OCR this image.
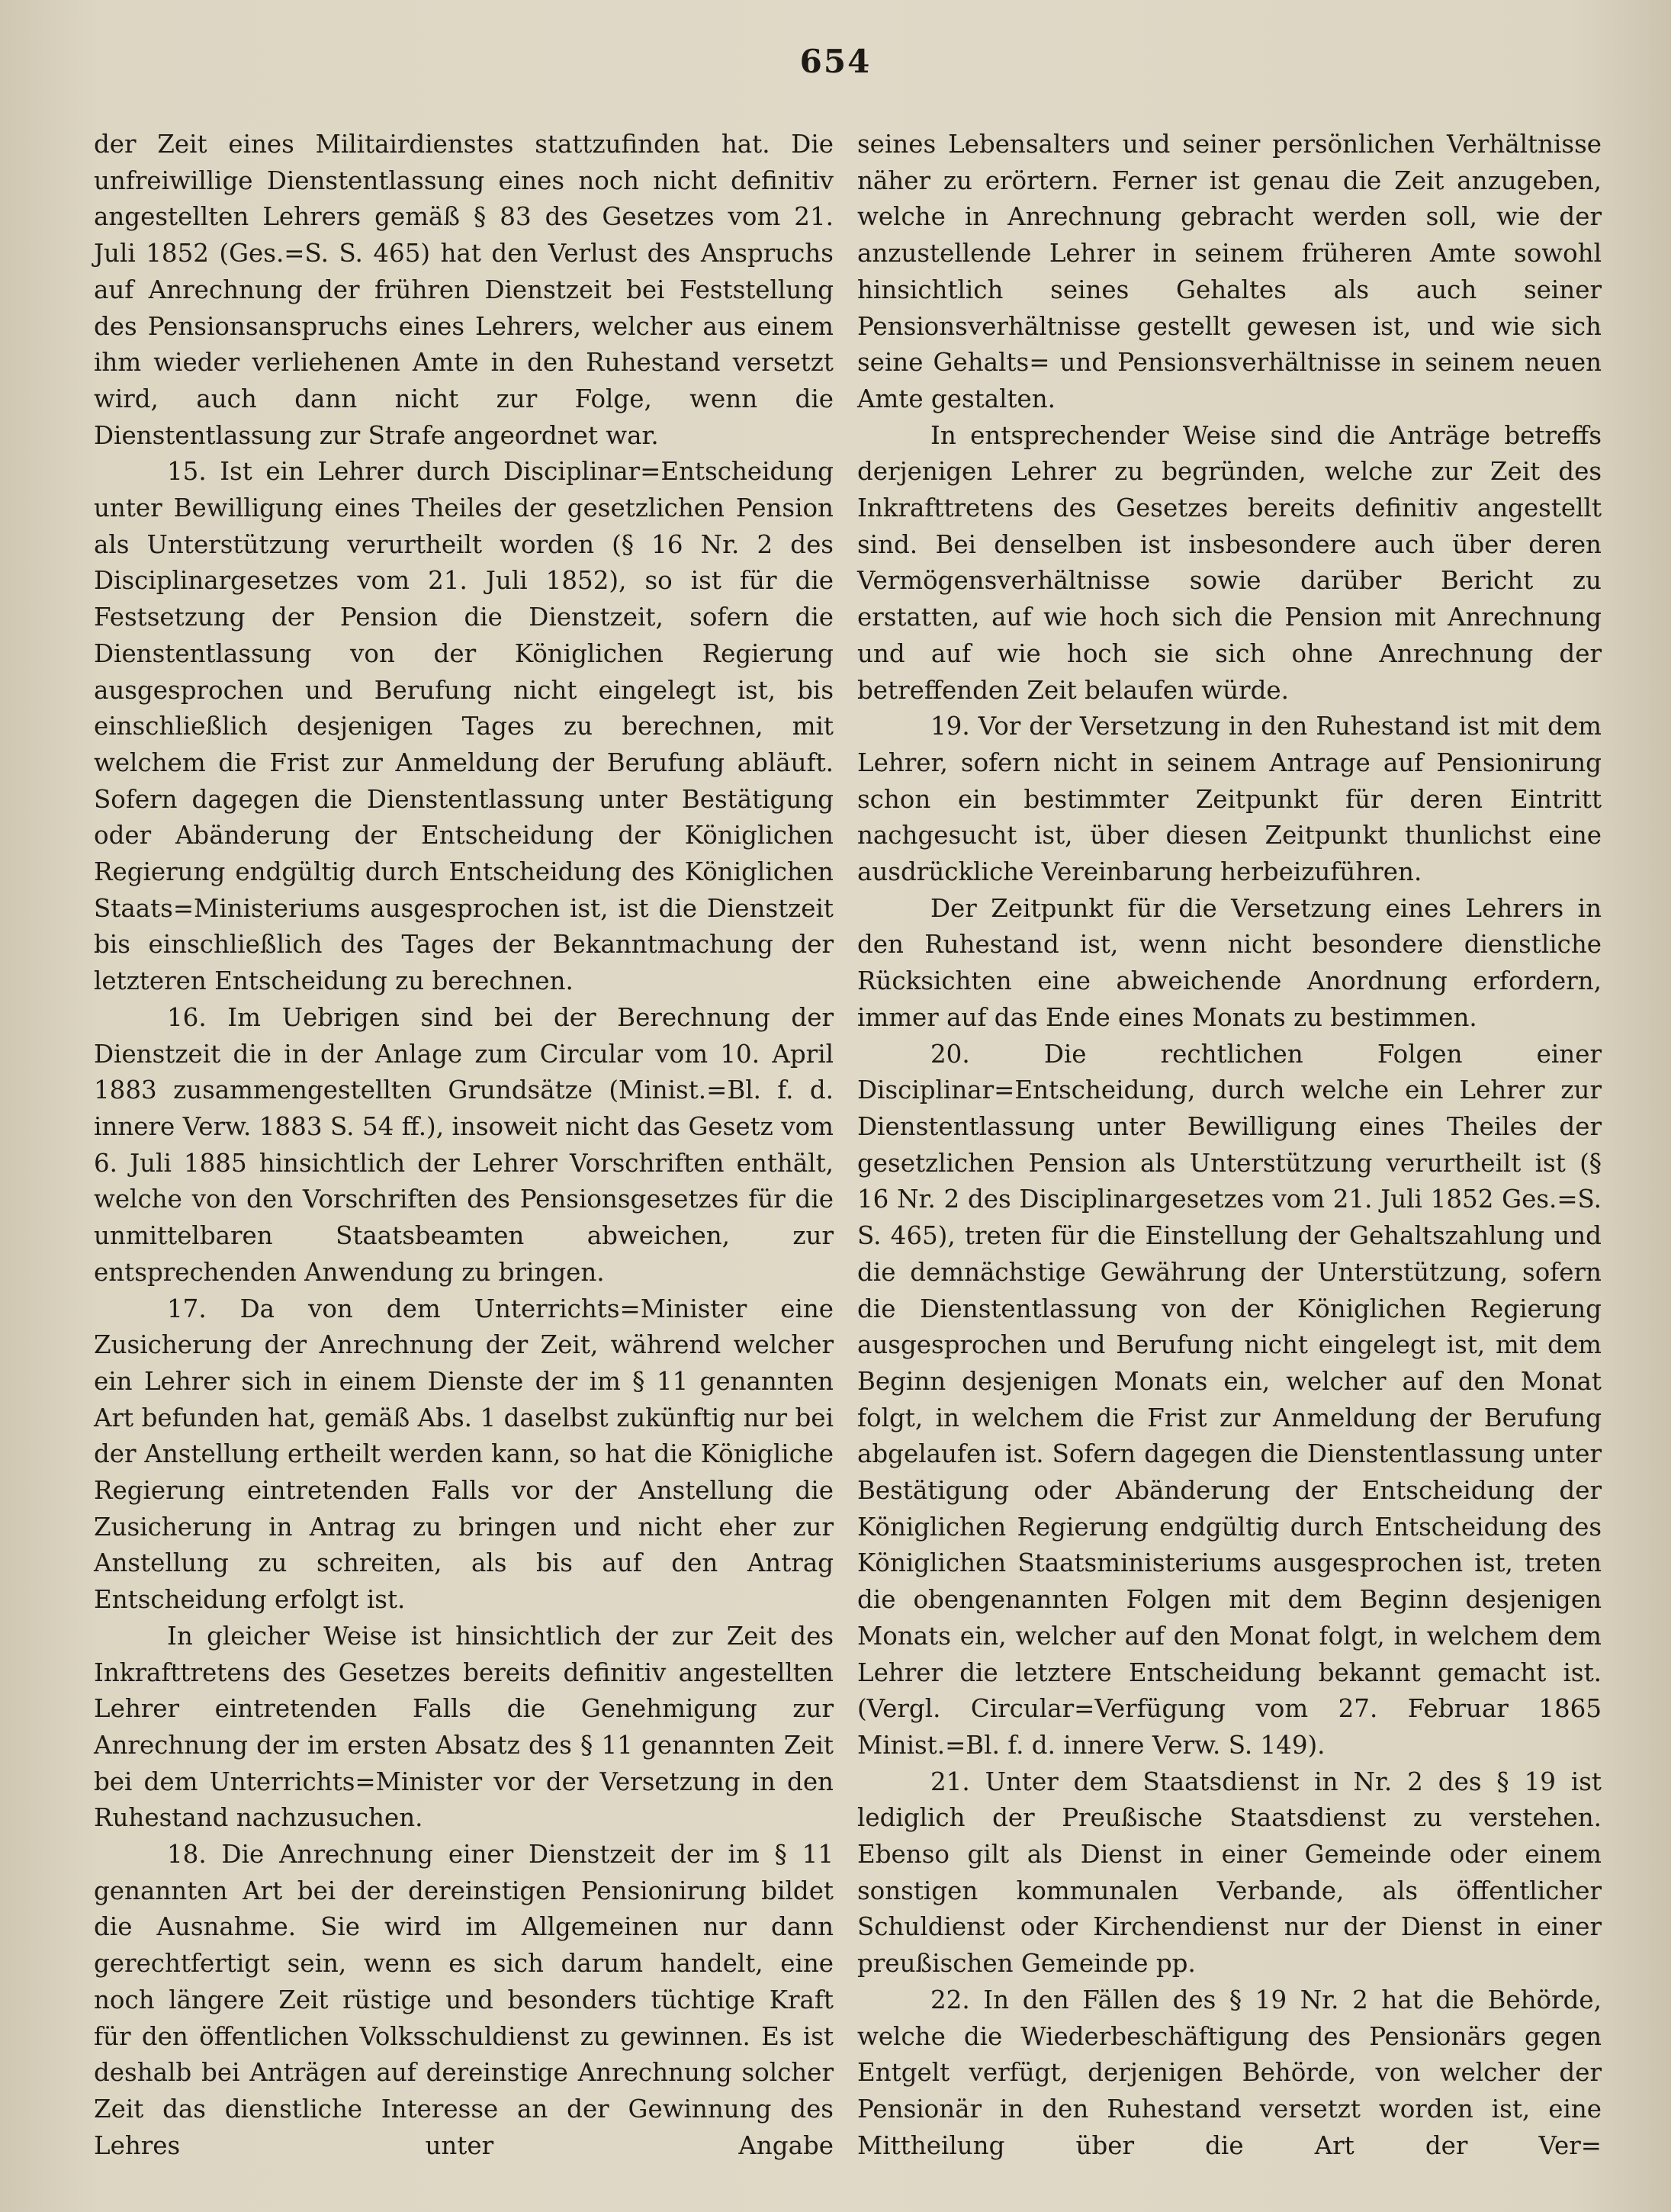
654

der Zeit eines Militairdienstes stattzufinden hat. Die unfreiwillige Dienstentlassung eines noch nicht definitiv angestellten Lehrers gemäß § 83 des Gesetzes vom 21. Juli 1852 (Ges.=S. S. 465) hat den Verlust des Anspruchs auf Anrechnung der frühren Dienstzeit bei Feststellung des Pensionsanspruchs eines Lehrers, welcher aus einem ihm wieder verliehenen Amte in den Ruhestand versetzt wird, auch dann nicht zur Folge, wenn die Dienstentlassung zur Strafe angeordnet war.

15. Ist ein Lehrer durch Disciplinar=Entscheidung unter Bewilligung eines Theiles der gesetzlichen Pension als Unterstützung verurtheilt worden (§ 16 Nr. 2 des Disciplinargesetzes vom 21. Juli 1852), so ist für die Festsetzung der Pension die Dienstzeit, sofern die Dienstentlassung von der Königlichen Regierung ausgesprochen und Berufung nicht eingelegt ist, bis einschließlich desjenigen Tages zu berechnen, mit welchem die Frist zur Anmeldung der Berufung abläuft. Sofern dagegen die Dienstentlassung unter Bestätigung oder Abänderung der Entscheidung der Königlichen Regierung endgültig durch Entscheidung des Königlichen Staats=Ministeriums ausgesprochen ist, ist die Dienstzeit bis einschließlich des Tages der Bekanntmachung der letzteren Entscheidung zu berechnen.

16. Im Uebrigen sind bei der Berechnung der Dienstzeit die in der Anlage zum Circular vom 10. April 1883 zusammengestellten Grundsätze (Minist.=Bl. f. d. innere Verw. 1883 S. 54 ff.), insoweit nicht das Gesetz vom 6. Juli 1885 hinsichtlich der Lehrer Vorschriften enthält, welche von den Vorschriften des Pensionsgesetzes für die unmittelbaren Staatsbeamten abweichen, zur entsprechenden Anwendung zu bringen.

17. Da von dem Unterrichts=Minister eine Zusicherung der Anrechnung der Zeit, während welcher ein Lehrer sich in einem Dienste der im § 11 genannten Art befunden hat, gemäß Abs. 1 daselbst zukünftig nur bei der Anstellung ertheilt werden kann, so hat die Königliche Regierung eintretenden Falls vor der Anstellung die Zusicherung in Antrag zu bringen und nicht eher zur Anstellung zu schreiten, als bis auf den Antrag Entscheidung erfolgt ist.

In gleicher Weise ist hinsichtlich der zur Zeit des Inkrafttretens des Gesetzes bereits definitiv angestellten Lehrer eintretenden Falls die Genehmigung zur Anrechnung der im ersten Absatz des § 11 genannten Zeit bei dem Unterrichts=Minister vor der Versetzung in den Ruhestand nachzusuchen.

18. Die Anrechnung einer Dienstzeit der im § 11 genannten Art bei der dereinstigen Pensionirung bildet die Ausnahme. Sie wird im Allgemeinen nur dann gerechtfertigt sein, wenn es sich darum handelt, eine noch längere Zeit rüstige und besonders tüchtige Kraft für den öffentlichen Volksschuldienst zu gewinnen. Es ist deshalb bei Anträgen auf dereinstige Anrechnung solcher Zeit das dienstliche Interesse an der Gewinnung des Lehres unter Angabe

seines Lebensalters und seiner persönlichen Verhältnisse näher zu erörtern. Ferner ist genau die Zeit anzugeben, welche in Anrechnung gebracht werden soll, wie der anzustellende Lehrer in seinem früheren Amte sowohl hinsichtlich seines Gehaltes als auch seiner Pensionsverhältnisse gestellt gewesen ist, und wie sich seine Gehalts= und Pensionsverhältnisse in seinem neuen Amte gestalten.

In entsprechender Weise sind die Anträge betreffs derjenigen Lehrer zu begründen, welche zur Zeit des Inkrafttretens des Gesetzes bereits definitiv angestellt sind. Bei denselben ist insbesondere auch über deren Vermögensverhältnisse sowie darüber Bericht zu erstatten, auf wie hoch sich die Pension mit Anrechnung und auf wie hoch sie sich ohne Anrechnung der betreffenden Zeit belaufen würde.

19. Vor der Versetzung in den Ruhestand ist mit dem Lehrer, sofern nicht in seinem Antrage auf Pensionirung schon ein bestimmter Zeitpunkt für deren Eintritt nachgesucht ist, über diesen Zeitpunkt thunlichst eine ausdrückliche Vereinbarung herbeizuführen.

Der Zeitpunkt für die Versetzung eines Lehrers in den Ruhestand ist, wenn nicht besondere dienstliche Rücksichten eine abweichende Anordnung erfordern, immer auf das Ende eines Monats zu bestimmen.

20. Die rechtlichen Folgen einer Disciplinar=Entscheidung, durch welche ein Lehrer zur Dienstentlassung unter Bewilligung eines Theiles der gesetzlichen Pension als Unterstützung verurtheilt ist (§ 16 Nr. 2 des Disciplinargesetzes vom 21. Juli 1852 Ges.=S. S. 465), treten für die Einstellung der Gehaltszahlung und die demnächstige Gewährung der Unterstützung, sofern die Dienstentlassung von der Königlichen Regierung ausgesprochen und Berufung nicht eingelegt ist, mit dem Beginn desjenigen Monats ein, welcher auf den Monat folgt, in welchem die Frist zur Anmeldung der Berufung abgelaufen ist. Sofern dagegen die Dienstentlassung unter Bestätigung oder Abänderung der Entscheidung der Königlichen Regierung endgültig durch Entscheidung des Königlichen Staatsministeriums ausgesprochen ist, treten die obengenannten Folgen mit dem Beginn desjenigen Monats ein, welcher auf den Monat folgt, in welchem dem Lehrer die letztere Entscheidung bekannt gemacht ist. (Vergl. Circular=Verfügung vom 27. Februar 1865 Minist.=Bl. f. d. innere Verw. S. 149).

21. Unter dem Staatsdienst in Nr. 2 des § 19 ist lediglich der Preußische Staatsdienst zu verstehen. Ebenso gilt als Dienst in einer Gemeinde oder einem sonstigen kommunalen Verbande, als öffentlicher Schuldienst oder Kirchendienst nur der Dienst in einer preußischen Gemeinde pp.

22. In den Fällen des § 19 Nr. 2 hat die Behörde, welche die Wiederbeschäftigung des Pensionärs gegen Entgelt verfügt, derjenigen Behörde, von welcher der Pensionär in den Ruhestand versetzt worden ist, eine Mittheilung über die Art der Ver=
